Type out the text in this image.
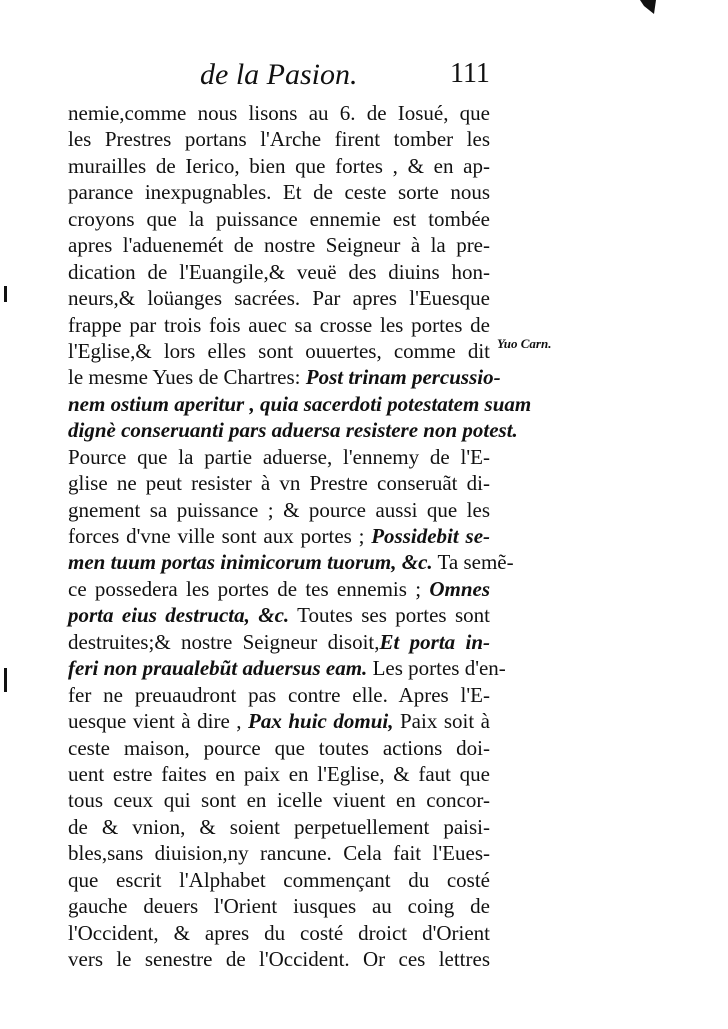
de la Pasion.	111
nemie,comme nous lisons au 6. de Iosué, que
les Prestres portans l'Arche firent tomber les
murailles de Ierico, bien que fortes , & en ap-
parance inexpugnables. Et de ceste sorte nous
croyons que la puissance ennemie est tombée
apres l'aduenemét de nostre Seigneur à la pre-
dication de l'Euangile,& veuë des diuins hon-
neurs,& loüanges sacrées. Par apres l'Euesque
frappe par trois fois auec sa crosse les portes de
l'Eglise,& lors elles sont ouuertes, comme dit
le mesme Yues de Chartres: Post trinam percussio-
nem ostium aperitur , quia sacerdoti potestatem suam
dignè conseruanti pars aduersa resistere non potest.
Pource que la partie aduerse, l'ennemy de l'E-
glise ne peut resister à vn Prestre conseruãt di-
gnement sa puissance ; & pource aussi que les
forces d'vne ville sont aux portes ; Possidebit se-
men tuum portas inimicorum tuorum, &c. Ta semẽ-
ce possedera les portes de tes ennemis ; Omnes
porta eius destructa, &c. Toutes ses portes sont
destruites;& nostre Seigneur disoit,Et porta in-
feri non praualebũt aduersus eam. Les portes d'en-
fer ne preuaudront pas contre elle. Apres l'E-
uesque vient à dire , Pax huic domui, Paix soit à
ceste maison, pource que toutes actions doi-
uent estre faites en paix en l'Eglise, & faut que
tous ceux qui sont en icelle viuent en concor-
de & vnion, & soient perpetuellement paisi-
bles,sans diuision,ny rancune. Cela fait l'Eues-
que escrit l'Alphabet commençant du costé
gauche deuers l'Orient iusques au coing de
l'Occident, & apres du costé droict d'Orient
vers le senestre de l'Occident. Or ces lettres
Yuo Carn.
